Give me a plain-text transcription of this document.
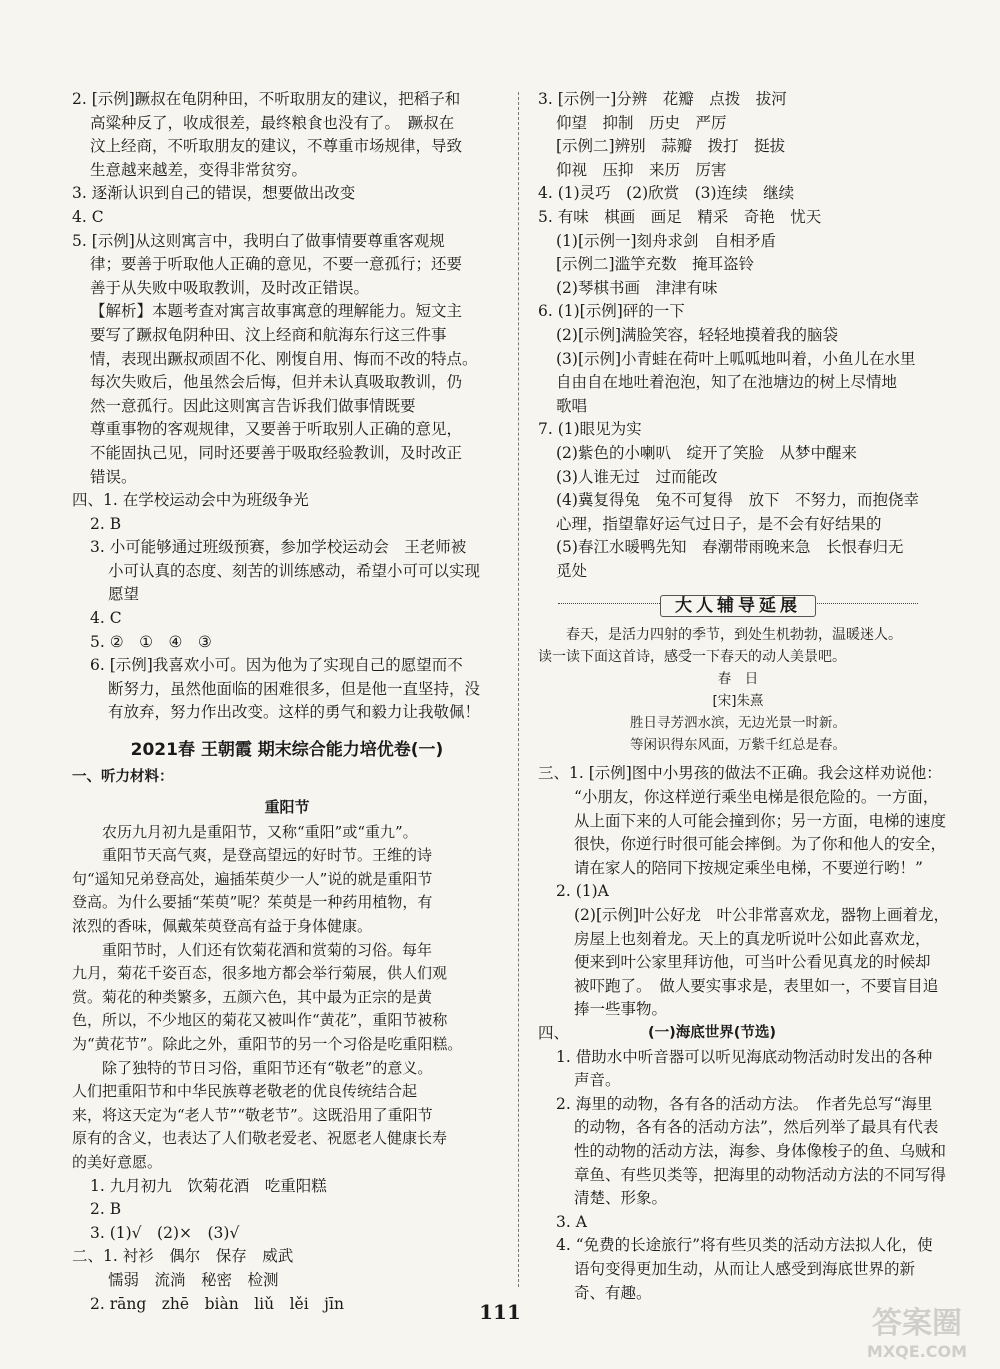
2. [示例]蹶叔在龟阴种田，不听取朋友的建议，把稻子和
高粱种反了，收成很差，最终粮食也没有了。　蹶叔在
汶上经商，不听取朋友的建议，不尊重市场规律，导致
生意越来越差，变得非常贫穷。
3. 逐渐认识到自己的错误，想要做出改变
4. C
5. [示例]从这则寓言中，我明白了做事情要尊重客观规
律；要善于听取他人正确的意见，不要一意孤行；还要
善于从失败中吸取教训，及时改正错误。
【解析】本题考查对寓言故事寓意的理解能力。短文主
要写了蹶叔龟阴种田、汶上经商和航海东行这三件事
情，表现出蹶叔顽固不化、刚愎自用、悔而不改的特点。
每次失败后，他虽然会后悔，但并未认真吸取教训，仍
然一意孤行。因此这则寓言告诉我们做事情既要
尊重事物的客观规律，又要善于听取别人正确的意见，
不能固执己见，同时还要善于吸取经验教训，及时改正
错误。
四、1. 在学校运动会中为班级争光
2. B
3. 小可能够通过班级预赛，参加学校运动会　王老师被
小可认真的态度、刻苦的训练感动，希望小可可以实现
愿望
4. C
5. ②　①　④　③
6. [示例]我喜欢小可。因为他为了实现自己的愿望而不
断努力，虽然他面临的困难很多，但是他一直坚持，没
有放弃，努力作出改变。这样的勇气和毅力让我敬佩！
2021春 王朝霞 期末综合能力培优卷(一)
一、听力材料：
重阳节
　　农历九月初九是重阳节，又称“重阳”或“重九”。
　　重阳节天高气爽，是登高望远的好时节。王维的诗
句“遥知兄弟登高处，遍插茱萸少一人”说的就是重阳节
登高。为什么要插“茱萸”呢？茱萸是一种药用植物，有
浓烈的香味，佩戴茱萸登高有益于身体健康。
　　重阳节时，人们还有饮菊花酒和赏菊的习俗。每年
九月，菊花千姿百态，很多地方都会举行菊展，供人们观
赏。菊花的种类繁多，五颜六色，其中最为正宗的是黄
色，所以，不少地区的菊花又被叫作“黄花”，重阳节被称
为“黄花节”。除此之外，重阳节的另一个习俗是吃重阳糕。
　　除了独特的节日习俗，重阳节还有“敬老”的意义。
人们把重阳节和中华民族尊老敬老的优良传统结合起
来，将这天定为“老人节”“敬老节”。这既沿用了重阳节
原有的含义，也表达了人们敬老爱老、祝愿老人健康长寿
的美好意愿。
1. 九月初九　饮菊花酒　吃重阳糕
2. B
3. (1)√　(2)×　(3)√
二、1. 衬衫　偶尔　保存　威武
懦弱　流淌　秘密　检测
2. rāng　zhē　biàn　liǔ　lěi　jīn
3. [示例一]分辨　花瓣　点拨　拔河
仰望　抑制　历史　严厉
[示例二]辨别　蒜瓣　拨打　挺拔
仰视　压抑　来历　厉害
4. (1)灵巧　(2)欣赏　(3)连续　继续
5. 有味　棋画　画足　精采　奇艳　忧天
(1)[示例一]刻舟求剑　自相矛盾
[示例二]滥竽充数　掩耳盗铃
(2)琴棋书画　津津有味
6. (1)[示例]砰的一下
(2)[示例]满脸笑容，轻轻地摸着我的脑袋
(3)[示例]小青蛙在荷叶上呱呱地叫着，小鱼儿在水里
自由自在地吐着泡泡，知了在池塘边的树上尽情地
歌唱
7. (1)眼见为实
(2)紫色的小喇叭　绽开了笑脸　从梦中醒来
(3)人谁无过　过而能改
(4)冀复得兔　兔不可复得　放下　不努力，而抱侥幸
心理，指望靠好运气过日子，是不会有好结果的
(5)春江水暖鸭先知　春潮带雨晚来急　长恨春归无
觅处
大人辅导延展
　　春天，是活力四射的季节，到处生机勃勃，温暖迷人。
读一读下面这首诗，感受一下春天的动人美景吧。
春　日
[宋]朱熹
胜日寻芳泗水滨，无边光景一时新。
等闲识得东风面，万紫千红总是春。
三、1. [示例]图中小男孩的做法不正确。我会这样劝说他：
“小朋友，你这样逆行乘坐电梯是很危险的。一方面，
从上面下来的人可能会撞到你；另一方面，电梯的速度
很快，你逆行时很可能会摔倒。为了你和他人的安全，
请在家人的陪同下按规定乘坐电梯，不要逆行哟！”
2. (1)A
(2)[示例]叶公好龙　叶公非常喜欢龙，器物上画着龙，
房屋上也刻着龙。天上的真龙听说叶公如此喜欢龙，
便来到叶公家里拜访他，可当叶公看见真龙的时候却
被吓跑了。　做人要实事求是，表里如一，不要盲目追
捧一些事物。
四、	(一)海底世界(节选)
1. 借助水中听音器可以听见海底动物活动时发出的各种
声音。
2. 海里的动物，各有各的活动方法。　作者先总写“海里
的动物，各有各的活动方法”，然后列举了最具有代表
性的动物的活动方法，海参、身体像梭子的鱼、乌贼和
章鱼、有些贝类等，把海里的动物活动方法的不同写得
清楚、形象。
3. A
4. “免费的长途旅行”将有些贝类的活动方法拟人化，使
语句变得更加生动，从而让人感受到海底世界的新
奇、有趣。
111	答案圈
MXQE.COM
